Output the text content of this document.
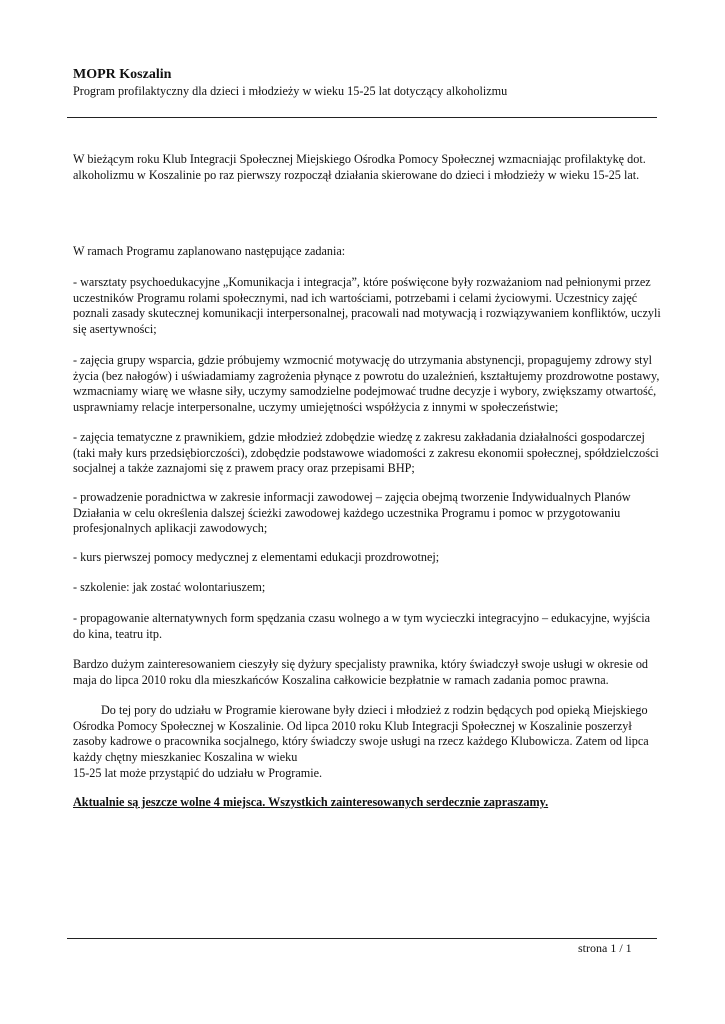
MOPR Koszalin
Program profilaktyczny dla dzieci i młodzieży w wieku 15-25 lat dotyczący alkoholizmu

W bieżącym roku Klub Integracji Społecznej Miejskiego Ośrodka Pomocy Społecznej wzmacniając profilaktykę dot. alkoholizmu w Koszalinie po raz pierwszy rozpoczął działania skierowane do dzieci i młodzieży w wieku 15-25 lat.

W ramach Programu zaplanowano następujące zadania:

- warsztaty psychoedukacyjne „Komunikacja i integracja”, które poświęcone były rozważaniom nad pełnionymi przez uczestników Programu rolami społecznymi, nad ich wartościami, potrzebami i celami życiowymi. Uczestnicy zajęć poznali zasady skutecznej komunikacji interpersonalnej, pracowali nad motywacją i rozwiązywaniem konfliktów, uczyli się asertywności;

- zajęcia grupy wsparcia, gdzie próbujemy wzmocnić motywację do utrzymania abstynencji, propagujemy zdrowy styl życia (bez nałogów) i uświadamiamy zagrożenia płynące z powrotu do uzależnień, kształtujemy prozdrowotne postawy, wzmacniamy wiarę we własne siły, uczymy samodzielne podejmować trudne decyzje i wybory, zwiększamy otwartość, usprawniamy relacje interpersonalne, uczymy umiejętności współżycia z innymi w społeczeństwie;

- zajęcia tematyczne z prawnikiem, gdzie młodzież zdobędzie wiedzę z zakresu zakładania działalności gospodarczej (taki mały kurs przedsiębiorczości), zdobędzie podstawowe wiadomości z zakresu ekonomii społecznej, spółdzielczości socjalnej a także zaznajomi się z prawem pracy oraz przepisami BHP;

- prowadzenie poradnictwa w zakresie informacji zawodowej – zajęcia obejmą tworzenie Indywidualnych Planów Działania w celu określenia dalszej ścieżki zawodowej każdego uczestnika Programu i pomoc w przygotowaniu profesjonalnych aplikacji zawodowych;

- kurs pierwszej pomocy medycznej z elementami edukacji prozdrowotnej;

- szkolenie: jak zostać wolontariuszem;

- propagowanie alternatywnych form spędzania czasu wolnego a w tym wycieczki integracyjno – edukacyjne, wyjścia do kina, teatru itp.

Bardzo dużym zainteresowaniem cieszyły się dyżury specjalisty prawnika, który świadczył swoje usługi w okresie od maja do lipca 2010 roku dla mieszkańców Koszalina całkowicie bezpłatnie w ramach zadania pomoc prawna.

Do tej pory do udziału w Programie kierowane były dzieci i młodzież z rodzin będących pod opieką Miejskiego Ośrodka Pomocy Społecznej w Koszalinie. Od lipca 2010 roku Klub Integracji Społecznej w Koszalinie poszerzył zasoby kadrowe o pracownika socjalnego, który świadczy swoje usługi na rzecz każdego Klubowicza. Zatem od lipca każdy chętny mieszkaniec Koszalina w wieku
15-25 lat może przystąpić do udziału w Programie.

Aktualnie są jeszcze wolne 4 miejsca. Wszystkich zainteresowanych serdecznie zapraszamy.

strona 1 / 1
